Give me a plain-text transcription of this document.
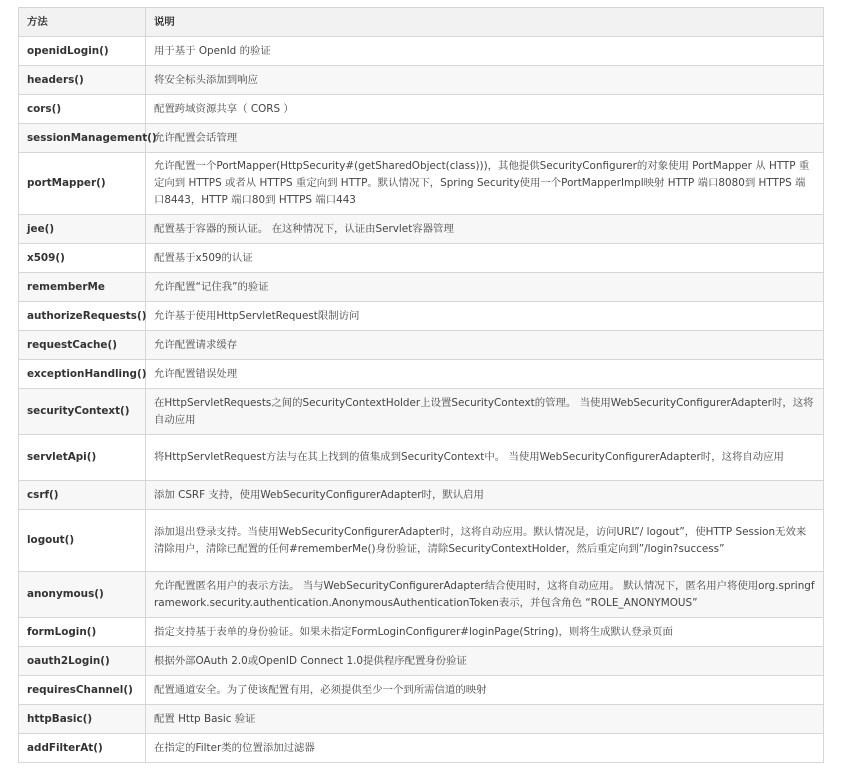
方法	说明
openidLogin()	用于基于 OpenId 的验证
headers()	将安全标头添加到响应
cors()	配置跨域资源共享（ CORS ）
sessionManagement()	允许配置会话管理
portMapper()	允许配置一个PortMapper(HttpSecurity#(getSharedObject(class)))，其他提供SecurityConfigurer的对象使用 PortMapper 从 HTTP 重定向到 HTTPS 或者从 HTTPS 重定向到 HTTP。默认情况下，Spring Security使用一个PortMapperImpl映射 HTTP 端口8080到 HTTPS 端口8443，HTTP 端口80到 HTTPS 端口443
jee()	配置基于容器的预认证。 在这种情况下，认证由Servlet容器管理
x509()	配置基于x509的认证
rememberMe	允许配置“记住我”的验证
authorizeRequests()	允许基于使用HttpServletRequest限制访问
requestCache()	允许配置请求缓存
exceptionHandling()	允许配置错误处理
securityContext()	在HttpServletRequests之间的SecurityContextHolder上设置SecurityContext的管理。 当使用WebSecurityConfigurerAdapter时，这将自动应用
servletApi()	将HttpServletRequest方法与在其上找到的值集成到SecurityContext中。 当使用WebSecurityConfigurerAdapter时，这将自动应用
csrf()	添加 CSRF 支持，使用WebSecurityConfigurerAdapter时，默认启用
logout()	添加退出登录支持。当使用WebSecurityConfigurerAdapter时，这将自动应用。默认情况是，访问URL”/ logout”，使HTTP Session无效来清除用户，清除已配置的任何#rememberMe()身份验证，清除SecurityContextHolder，然后重定向到”/login?success”
anonymous()	允许配置匿名用户的表示方法。 当与WebSecurityConfigurerAdapter结合使用时，这将自动应用。 默认情况下，匿名用户将使用org.springframework.security.authentication.AnonymousAuthenticationToken表示，并包含角色 “ROLE_ANONYMOUS”
formLogin()	指定支持基于表单的身份验证。如果未指定FormLoginConfigurer#loginPage(String)，则将生成默认登录页面
oauth2Login()	根据外部OAuth 2.0或OpenID Connect 1.0提供程序配置身份验证
requiresChannel()	配置通道安全。为了使该配置有用，必须提供至少一个到所需信道的映射
httpBasic()	配置 Http Basic 验证
addFilterAt()	在指定的Filter类的位置添加过滤器
